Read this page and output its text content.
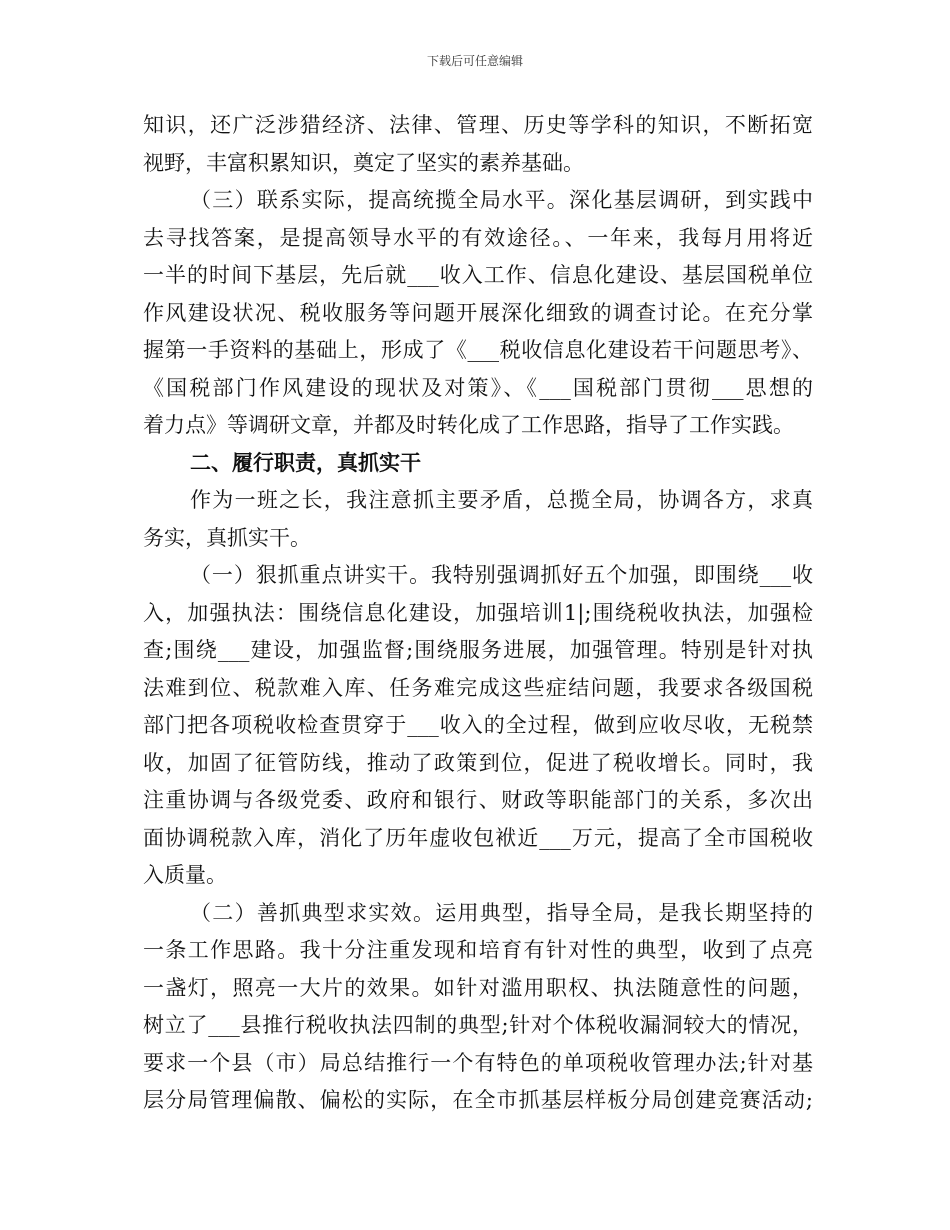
下载后可任意编辑
知识，还广泛涉猎经济、法律、管理、历史等学科的知识，不断拓宽
视野，丰富积累知识，奠定了坚实的素养基础。
（三）联系实际，提高统揽全局水平。深化基层调研，到实践中
去寻找答案，是提高领导水平的有效途径。、一年来，我每月用将近
一半的时间下基层，先后就___收入工作、信息化建设、基层国税单位
作风建设状况、税收服务等问题开展深化细致的调查讨论。在充分掌
握第一手资料的基础上，形成了《___税收信息化建设若干问题思考》、
《国税部门作风建设的现状及对策》、《___国税部门贯彻___思想的
着力点》等调研文章，并都及时转化成了工作思路，指导了工作实践。
二、履行职责，真抓实干
作为一班之长，我注意抓主要矛盾，总揽全局，协调各方，求真
务实，真抓实干。
（一）狠抓重点讲实干。我特别强调抓好五个加强，即围绕___收
入，加强执法：围绕信息化建设，加强培训1|;围绕税收执法，加强检
查;围绕___建设，加强监督;围绕服务进展，加强管理。特别是针对执
法难到位、税款难入库、任务难完成这些症结问题，我要求各级国税
部门把各项税收检查贯穿于___收入的全过程，做到应收尽收，无税禁
收，加固了征管防线，推动了政策到位，促进了税收增长。同时，我
注重协调与各级党委、政府和银行、财政等职能部门的关系，多次出
面协调税款入库，消化了历年虚收包袱近___万元，提高了全市国税收
入质量。
（二）善抓典型求实效。运用典型，指导全局，是我长期坚持的
一条工作思路。我十分注重发现和培育有针对性的典型，收到了点亮
一盏灯，照亮一大片的效果。如针对滥用职权、执法随意性的问题，
树立了___县推行税收执法四制的典型;针对个体税收漏洞较大的情况，
要求一个县（市）局总结推行一个有特色的单项税收管理办法;针对基
层分局管理偏散、偏松的实际，在全市抓基层样板分局创建竞赛活动;
